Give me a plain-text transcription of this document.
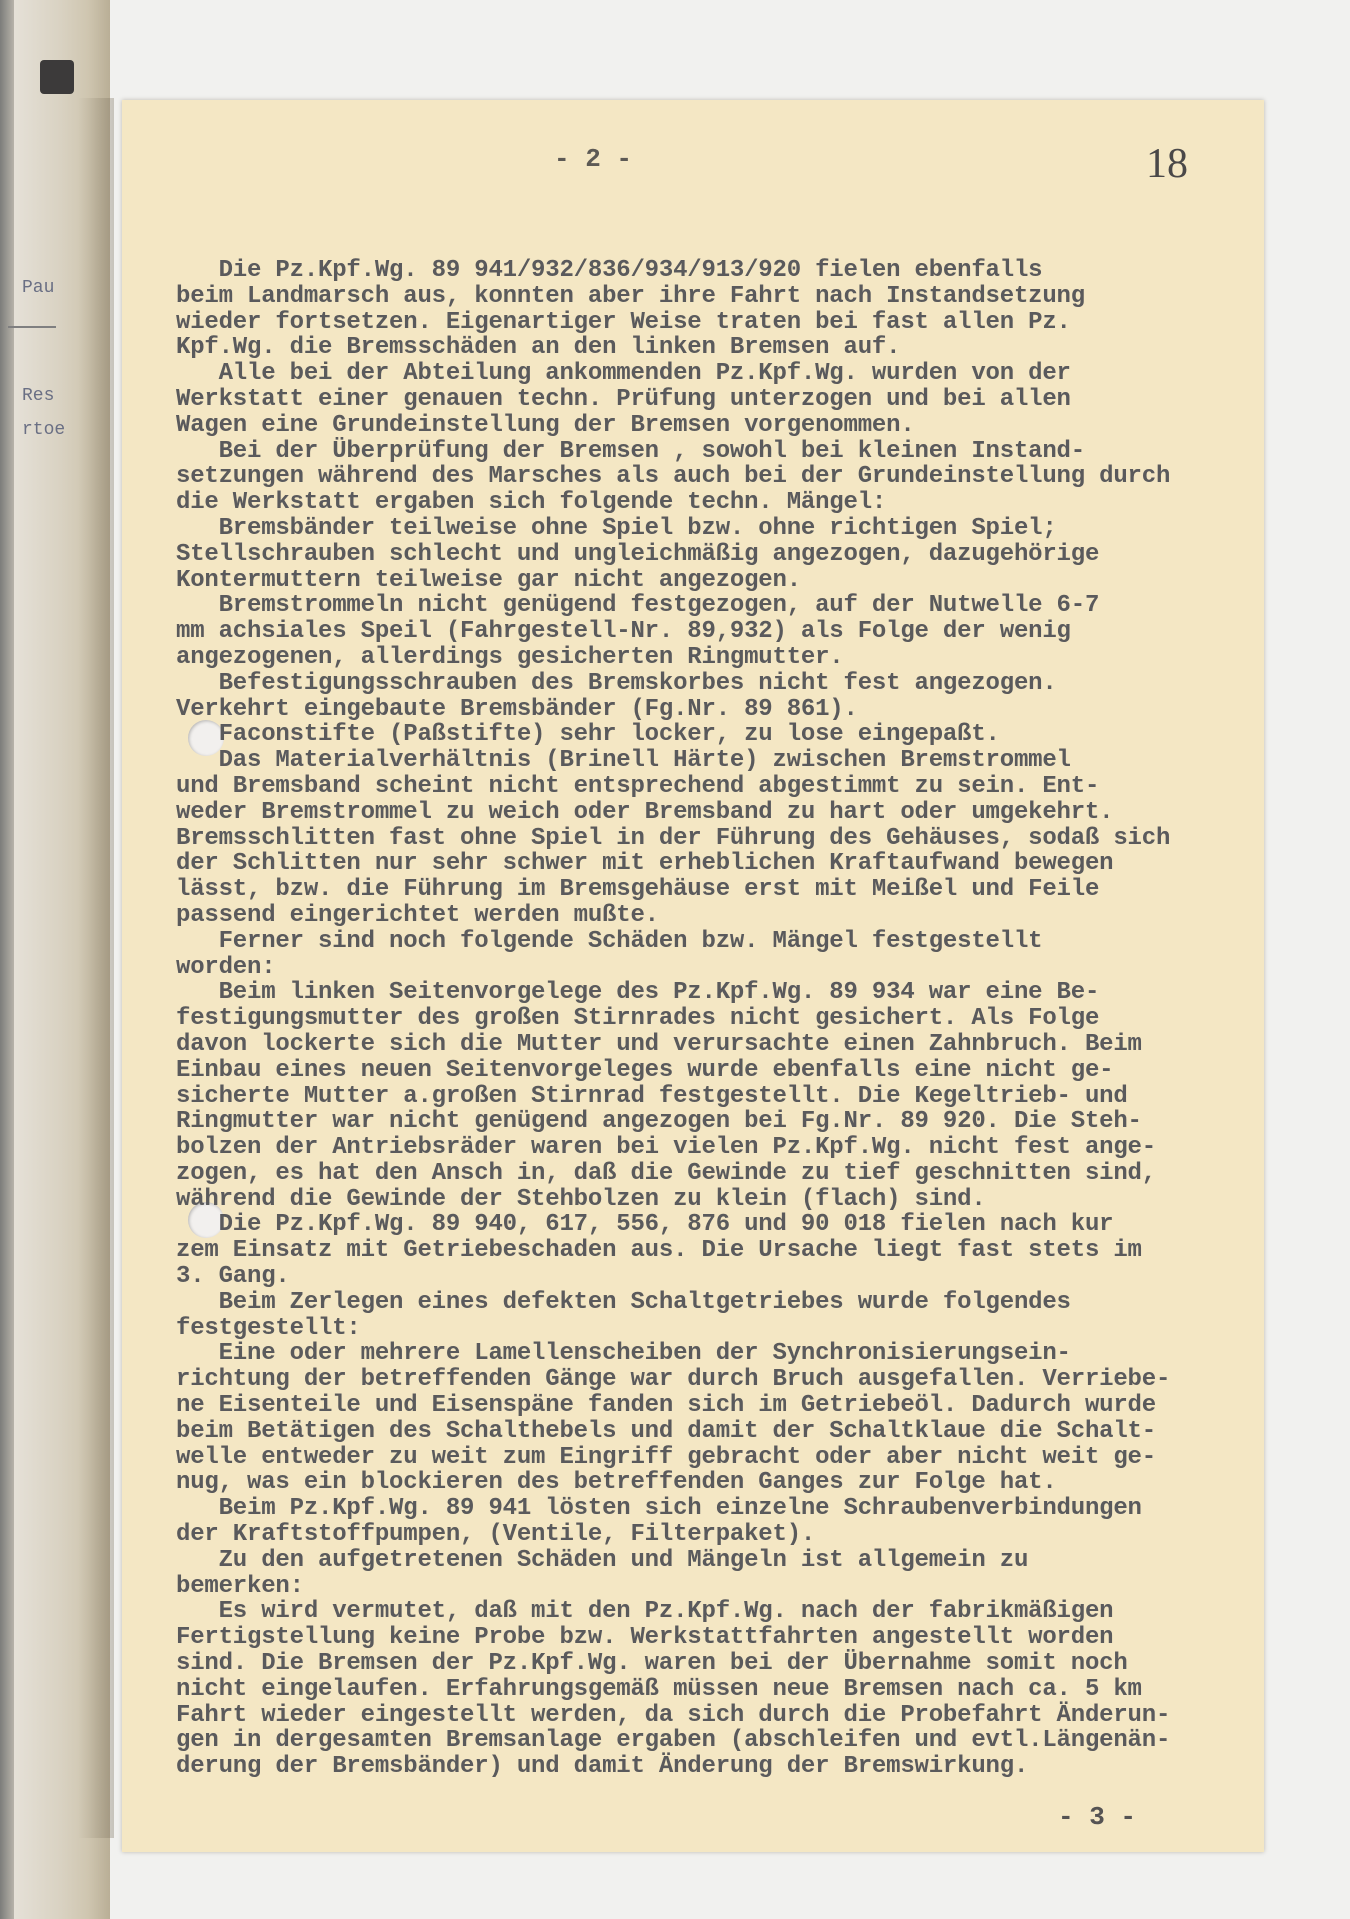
Pau
Res
rtoe
- 2 -	18
Die Pz.Kpf.Wg. 89 941/932/836/934/913/920 fielen ebenfalls
beim Landmarsch aus, konnten aber ihre Fahrt nach Instandsetzung
wieder fortsetzen. Eigenartiger Weise traten bei fast allen Pz.
Kpf.Wg. die Bremsschäden an den linken Bremsen auf.
Alle bei der Abteilung ankommenden Pz.Kpf.Wg. wurden von der
Werkstatt einer genauen techn. Prüfung unterzogen und bei allen
Wagen eine Grundeinstellung der Bremsen vorgenommen.
Bei der Überprüfung der Bremsen , sowohl bei kleinen Instand-
setzungen während des Marsches als auch bei der Grundeinstellung durch
die Werkstatt ergaben sich folgende techn. Mängel:
Bremsbänder teilweise ohne Spiel bzw. ohne richtigen Spiel;
Stellschrauben schlecht und ungleichmäßig angezogen, dazugehörige
Kontermuttern teilweise gar nicht angezogen.
Bremstrommeln nicht genügend festgezogen, auf der Nutwelle 6-7
mm achsiales Speil (Fahrgestell-Nr. 89,932) als Folge der wenig
angezogenen, allerdings gesicherten Ringmutter.
Befestigungsschrauben des Bremskorbes nicht fest angezogen.
Verkehrt eingebaute Bremsbänder (Fg.Nr. 89 861).
Faconstifte (Paßstifte) sehr locker, zu lose eingepaßt.
Das Materialverhältnis (Brinell Härte) zwischen Bremstrommel
und Bremsband scheint nicht entsprechend abgestimmt zu sein. Ent-
weder Bremstrommel zu weich oder Bremsband zu hart oder umgekehrt.
Bremsschlitten fast ohne Spiel in der Führung des Gehäuses, sodaß sich
der Schlitten nur sehr schwer mit erheblichen Kraftaufwand bewegen
lässt, bzw. die Führung im Bremsgehäuse erst mit Meißel und Feile
passend eingerichtet werden mußte.
Ferner sind noch folgende Schäden bzw. Mängel festgestellt
worden:
Beim linken Seitenvorgelege des Pz.Kpf.Wg. 89 934 war eine Be-
festigungsmutter des großen Stirnrades nicht gesichert. Als Folge
davon lockerte sich die Mutter und verursachte einen Zahnbruch. Beim
Einbau eines neuen Seitenvorgeleges wurde ebenfalls eine nicht ge-
sicherte Mutter a.großen Stirnrad festgestellt. Die Kegeltrieb- und
Ringmutter war nicht genügend angezogen bei Fg.Nr. 89 920. Die Steh-
bolzen der Antriebsräder waren bei vielen Pz.Kpf.Wg. nicht fest ange-
zogen, es hat den Ansch in, daß die Gewinde zu tief geschnitten sind,
während die Gewinde der Stehbolzen zu klein (flach) sind.
Die Pz.Kpf.Wg. 89 940, 617, 556, 876 und 90 018 fielen nach kur
zem Einsatz mit Getriebeschaden aus. Die Ursache liegt fast stets im
3. Gang.
Beim Zerlegen eines defekten Schaltgetriebes wurde folgendes
festgestellt:
Eine oder mehrere Lamellenscheiben der Synchronisierungsein-
richtung der betreffenden Gänge war durch Bruch ausgefallen. Verriebe-
ne Eisenteile und Eisenspäne fanden sich im Getriebeöl. Dadurch wurde
beim Betätigen des Schalthebels und damit der Schaltklaue die Schalt-
welle entweder zu weit zum Eingriff gebracht oder aber nicht weit ge-
nug, was ein blockieren des betreffenden Ganges zur Folge hat.
Beim Pz.Kpf.Wg. 89 941 lösten sich einzelne Schraubenverbindungen
der Kraftstoffpumpen, (Ventile, Filterpaket).
Zu den aufgetretenen Schäden und Mängeln ist allgemein zu
bemerken:
Es wird vermutet, daß mit den Pz.Kpf.Wg. nach der fabrikmäßigen
Fertigstellung keine Probe bzw. Werkstattfahrten angestellt worden
sind. Die Bremsen der Pz.Kpf.Wg. waren bei der Übernahme somit noch
nicht eingelaufen. Erfahrungsgemäß müssen neue Bremsen nach ca. 5 km
Fahrt wieder eingestellt werden, da sich durch die Probefahrt Änderun-
gen in dergesamten Bremsanlage ergaben (abschleifen und evtl.Längenän-
derung der Bremsbänder) und damit Änderung der Bremswirkung.
- 3 -
